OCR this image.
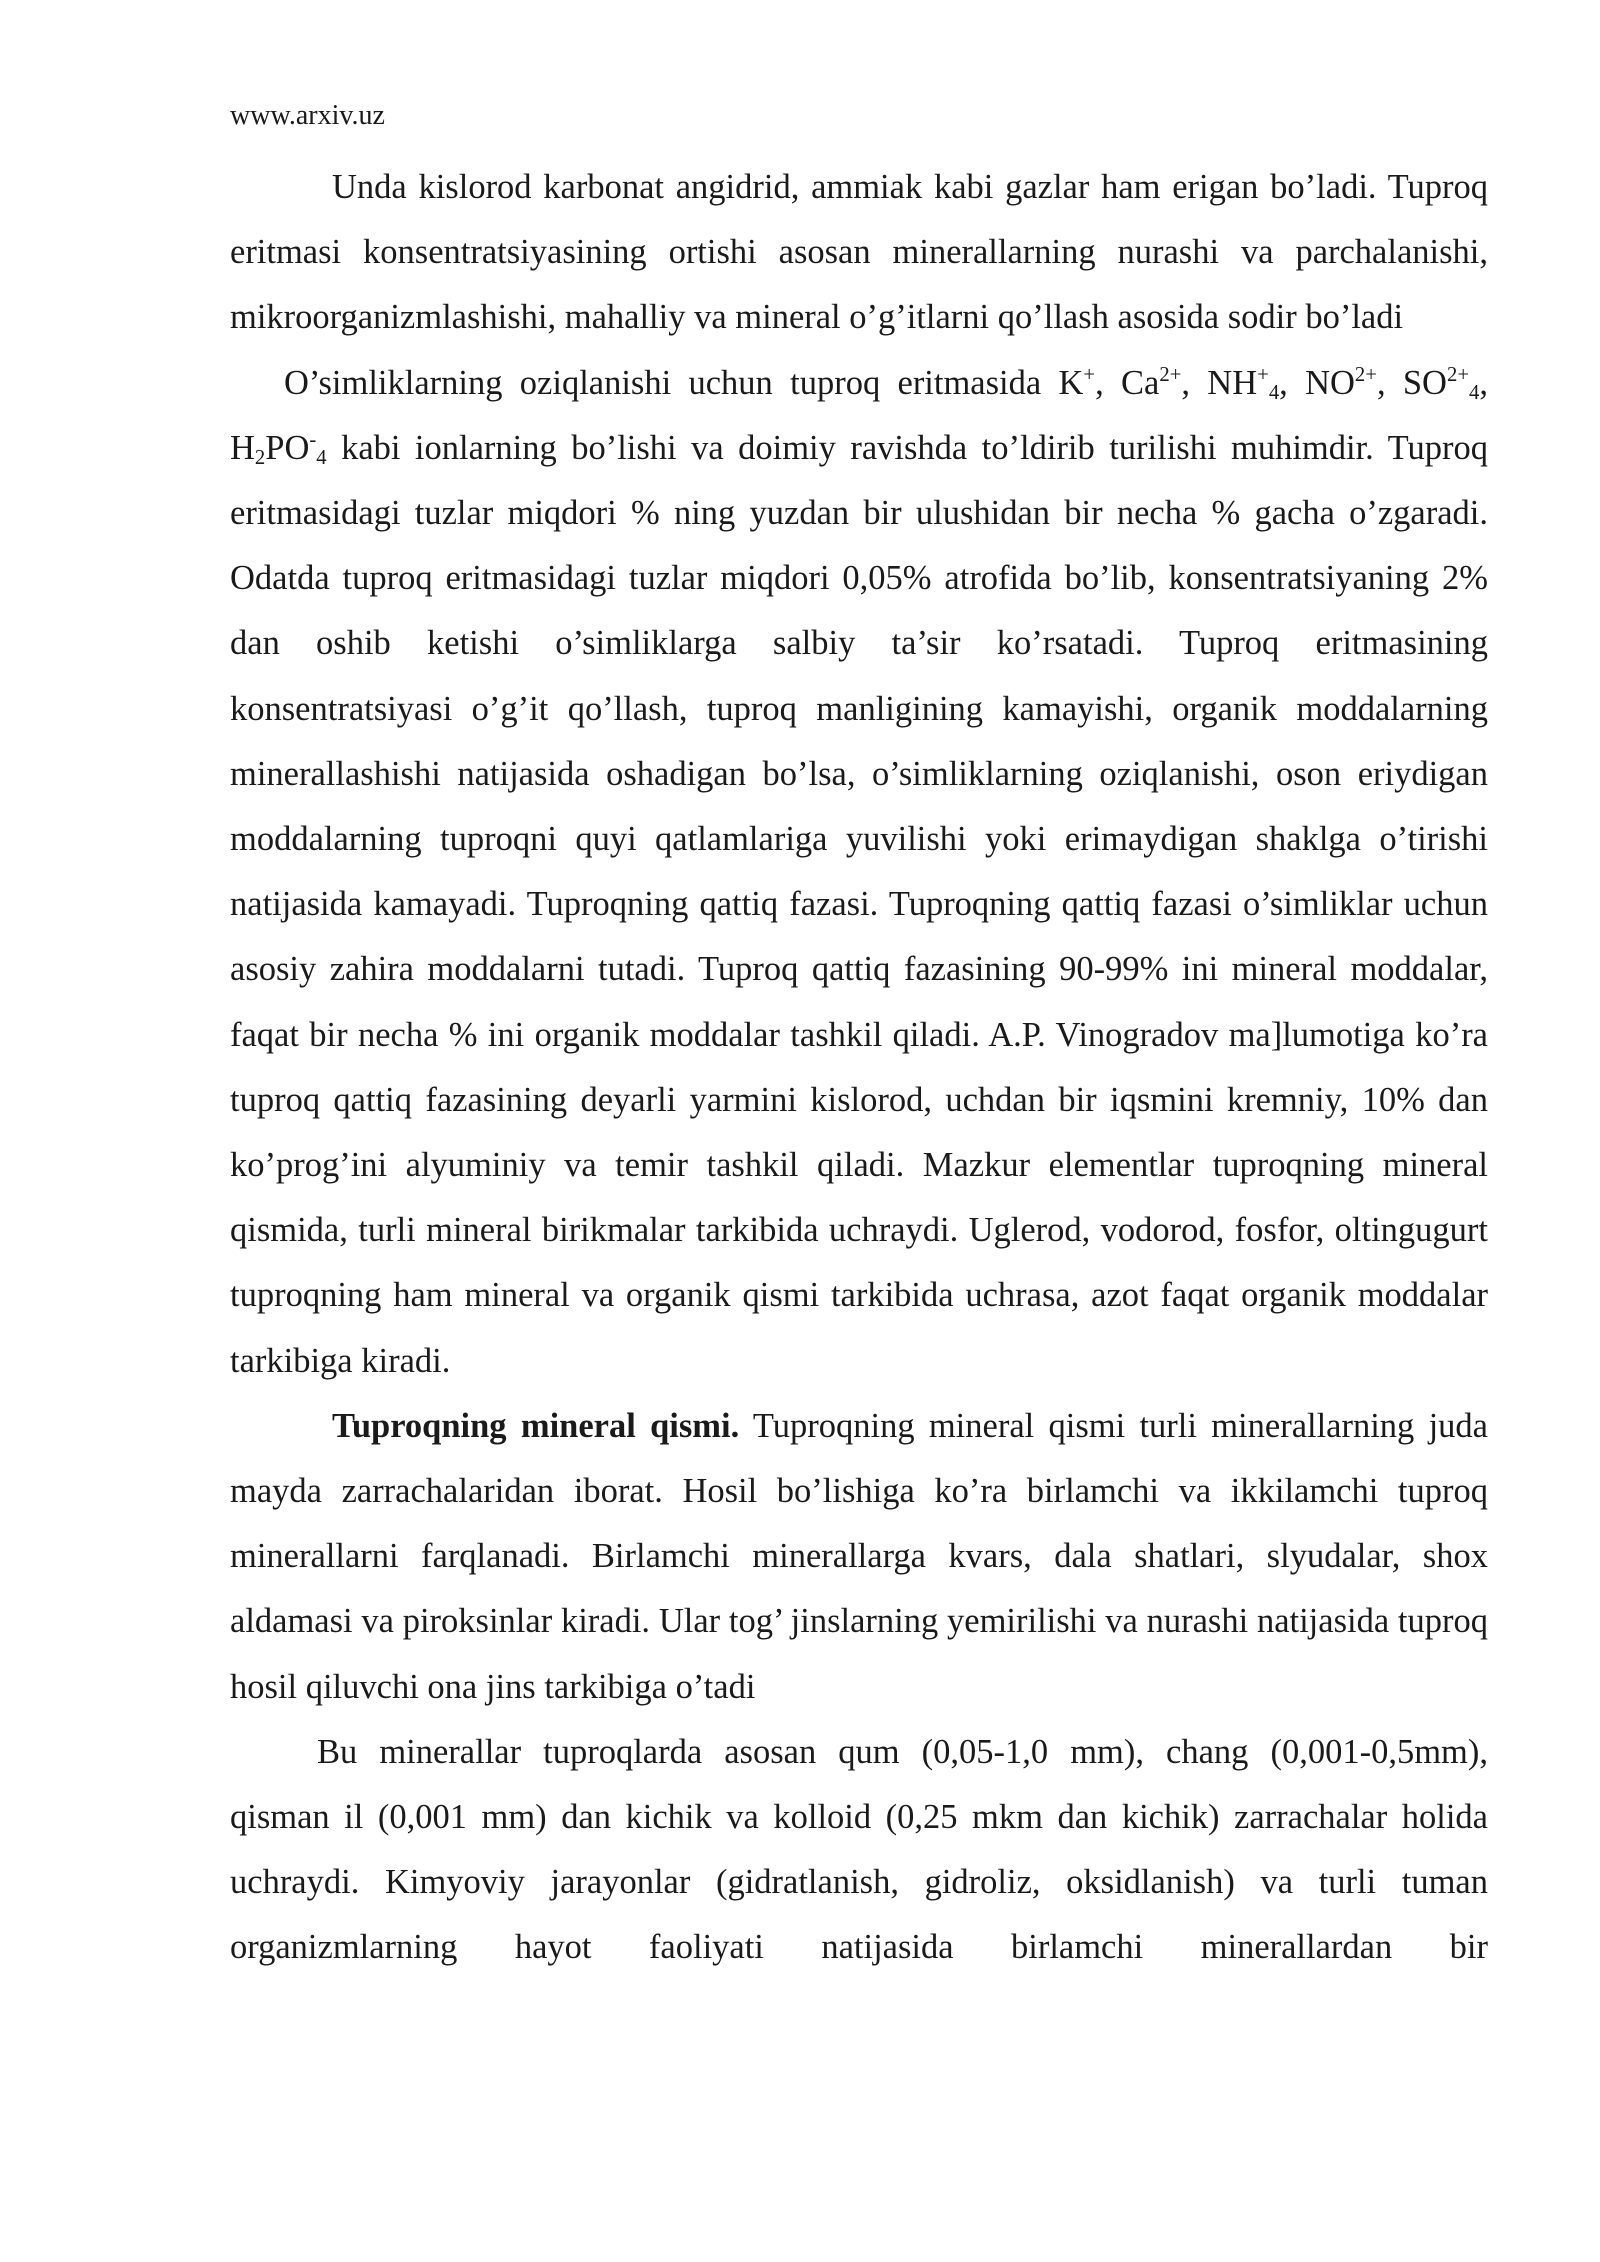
www.arxiv.uz

Unda kislorod karbonat angidrid, ammiak kabi gazlar ham erigan bo’ladi. Tuproq eritmasi konsentratsiyasining ortishi asosan minerallarning nurashi va parchalanishi, mikroorganizmlashishi, mahalliy va mineral o’g’itlarni qo’llash asosida sodir bo’ladi

O’simliklarning oziqlanishi uchun tuproq eritmasida K+, $Ca^{2+}$, $NH^+_4$, $NO^{2+}$, $SO^{2+}_4$, $H_2PO^-_4$ kabi ionlarning bo’lishi va doimiy ravishda to’ldirib turilishi muhimdir. Tuproq eritmasidagi tuzlar miqdori % ning yuzdan bir ulushidan bir necha % gacha o’zgaradi. Odatda tuproq eritmasidagi tuzlar miqdori 0,05% atrofida bo’lib, konsentratsiyaning 2% dan oshib ketishi o’simliklarga salbiy ta’sir ko’rsatadi. Tuproq eritmasining konsentratsiyasi o’g’it qo’llash, tuproq manligining kamayishi, organik moddalarning minerallashishi natijasida oshadigan bo’lsa, o’simliklarning oziqlanishi, oson eriydigan moddalarning tuproqni quyi qatlamlariga yuvilishi yoki erimaydigan shaklga o’tirishi natijasida kamayadi. Tuproqning qattiq fazasi. Tuproqning qattiq fazasi o’simliklar uchun asosiy zahira moddalarni tutadi. Tuproq qattiq fazasining 90-99% ini mineral moddalar, faqat bir necha % ini organik moddalar tashkil qiladi. A.P. Vinogradov ma]lumotiga ko’ra tuproq qattiq fazasining deyarli yarmini kislorod, uchdan bir iqsmini kremniy, 10% dan ko’prog’ini alyuminiy va temir tashkil qiladi. Mazkur elementlar tuproqning mineral qismida, turli mineral birikmalar tarkibida uchraydi. Uglerod, vodorod, fosfor, oltingugurt tuproqning ham mineral va organik qismi tarkibida uchrasa, azot faqat organik moddalar tarkibiga kiradi.

Tuproqning mineral qismi. Tuproqning mineral qismi turli minerallarning juda mayda zarrachalaridan iborat. Hosil bo’lishiga ko’ra birlamchi va ikkilamchi tuproq minerallarni farqlanadi. Birlamchi minerallarga kvars, dala shatlari, slyudalar, shox aldamasi va piroksinlar kiradi. Ular tog’ jinslarning yemirilishi va nurashi natijasida tuproq hosil qiluvchi ona jins tarkibiga o’tadi

Bu minerallar tuproqlarda asosan qum (0,05-1,0 mm), chang (0,001-0,5mm), qisman il (0,001 mm) dan kichik va kolloid (0,25 mkm dan kichik) zarrachalar holida uchraydi. Kimyoviy jarayonlar (gidratlanish, gidroliz, oksidlanish) va turli tuman organizmlarning hayot faoliyati natijasida birlamchi minerallardan bir
